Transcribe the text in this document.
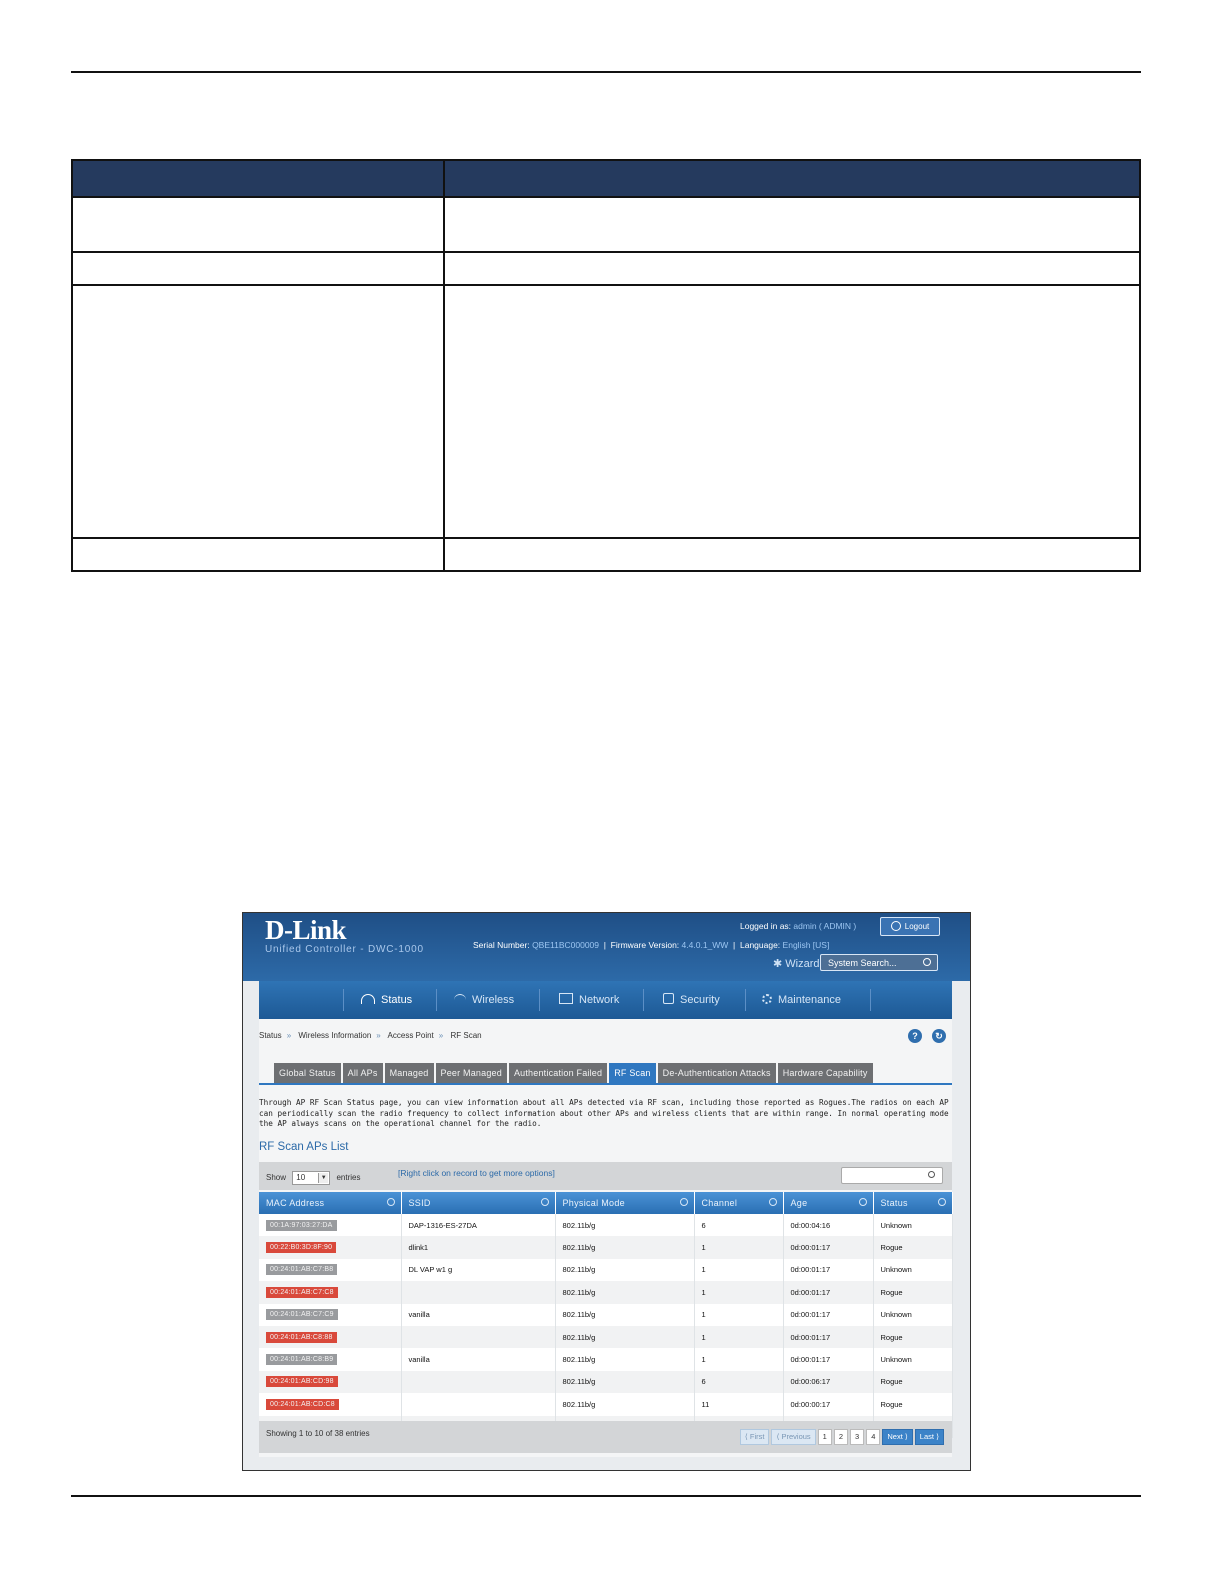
D-Link
Unified Controller - DWC-1000
Logged in as: admin ( ADMIN )	Logout
Serial Number: QBE11BC000009  |  Firmware Version: 4.4.0.1_WW  |  Language: English [US]
✱ Wizard System Search...
Status	Wireless	Network	Security	Maintenance
Status » Wireless Information » Access Point » RF Scan	?	↻
Global Status All APs Managed Peer Managed Authentication Failed RF Scan De-Authentication Attacks Hardware Capability
Through AP RF Scan Status page, you can view information about all APs detected via RF scan, including those reported as Rogues.The radios on each AP can periodically scan the radio frequency to collect information about other APs and wireless clients that are within range. In normal operating mode the AP always scans on the operational channel for the radio.
RF Scan APs List
Show 10	▼ entries	[Right click on record to get more options]
MAC Address	SSID	Physical Mode	Channel	Age	Status

00:1A:97:03:27:DA	DAP-1316-ES-27DA	802.11b/g	6	0d:00:04:16	Unknown
00:22:B0:3D:8F:90	dlink1	802.11b/g	1	0d:00:01:17	Rogue
00:24:01:AB:C7:B8	DL VAP w1 g	802.11b/g	1	0d:00:01:17	Unknown
00:24:01:AB:C7:C8		802.11b/g	1	0d:00:01:17	Rogue
00:24:01:AB:C7:C9	vanilla	802.11b/g	1	0d:00:01:17	Unknown
00:24:01:AB:C8:88		802.11b/g	1	0d:00:01:17	Rogue
00:24:01:AB:C8:B9	vanilla	802.11b/g	1	0d:00:01:17	Unknown
00:24:01:AB:CD:98		802.11b/g	6	0d:00:06:17	Rogue
00:24:01:AB:CD:C8		802.11b/g	11	0d:00:00:17	Rogue

Showing 1 to 10 of 38 entries	⟨ First ⟨ Previous 1 2 3 4 Next ⟩ Last ⟩
